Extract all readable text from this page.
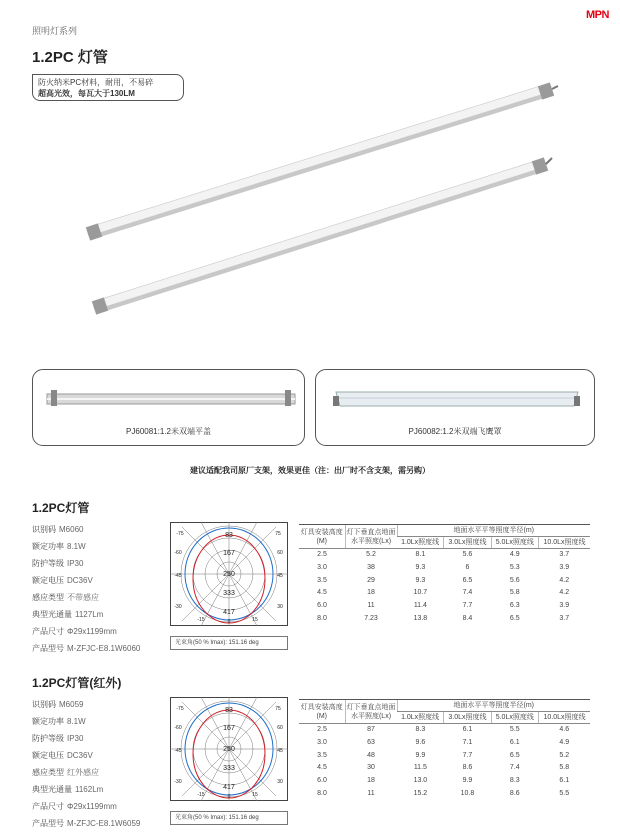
照明灯系列
MPN
1.2PC 灯管
防火纳米PC材料，耐用，不易碎
超高光效，每瓦大于130LM
PJ60081:1.2米双端平盖	PJ60082:1.2米双端飞鹰罩
建议适配我司原厂支架，效果更佳（注：出厂时不含支架，需另购）
1.2PC灯管
识别码 M6060
额定功率 8.1W
防护等级 IP30
额定电压 DC36V
感应类型 不带感应
典型光通量 1127Lm
产品尺寸 Φ29x1199mm
产品型号 M-ZFJC-E8.1W6060
83
167
250
333
417
-75	75
-60	60
-45	45
-30	30
-15	15
0
光束角(50 % Imax): 151.16 deg
灯具安装高度(M)	灯下垂直点地面水平照度(Lx)	地面水平平等照度半径(m)			
		1.0Lx照度线	3.0Lx照度线	5.0Lx照度线	10.0Lx照度线
2.5	5.2	8.1	5.6	4.9	3.7
3.0	38	9.3	6	5.3	3.9
3.5	29	9.3	6.5	5.6	4.2
4.5	18	10.7	7.4	5.8	4.2
6.0	11	11.4	7.7	6.3	3.9
8.0	7.23	13.8	8.4	6.5	3.7
1.2PC灯管(红外)
识别码 M6059
额定功率 8.1W
防护等级 IP30
额定电压 DC36V
感应类型 红外感应
典型光通量 1162Lm
产品尺寸 Φ29x1199mm
产品型号 M-ZFJC-E8.1W6059
83
167
250
333
417
-75	75
-60	60
-45	45
-30	30
-15	15
0
光束角(50 % Imax): 151.16 deg
灯具安装高度(M)	灯下垂直点地面水平照度(Lx)	地面水平平等照度半径(m)			
		1.0Lx照度线	3.0Lx照度线	5.0Lx照度线	10.0Lx照度线
2.5	87	8.3	6.1	5.5	4.6
3.0	63	9.6	7.1	6.1	4.9
3.5	48	9.9	7.7	6.5	5.2
4.5	30	11.5	8.6	7.4	5.8
6.0	18	13.0	9.9	8.3	6.1
8.0	11	15.2	10.8	8.6	5.5
